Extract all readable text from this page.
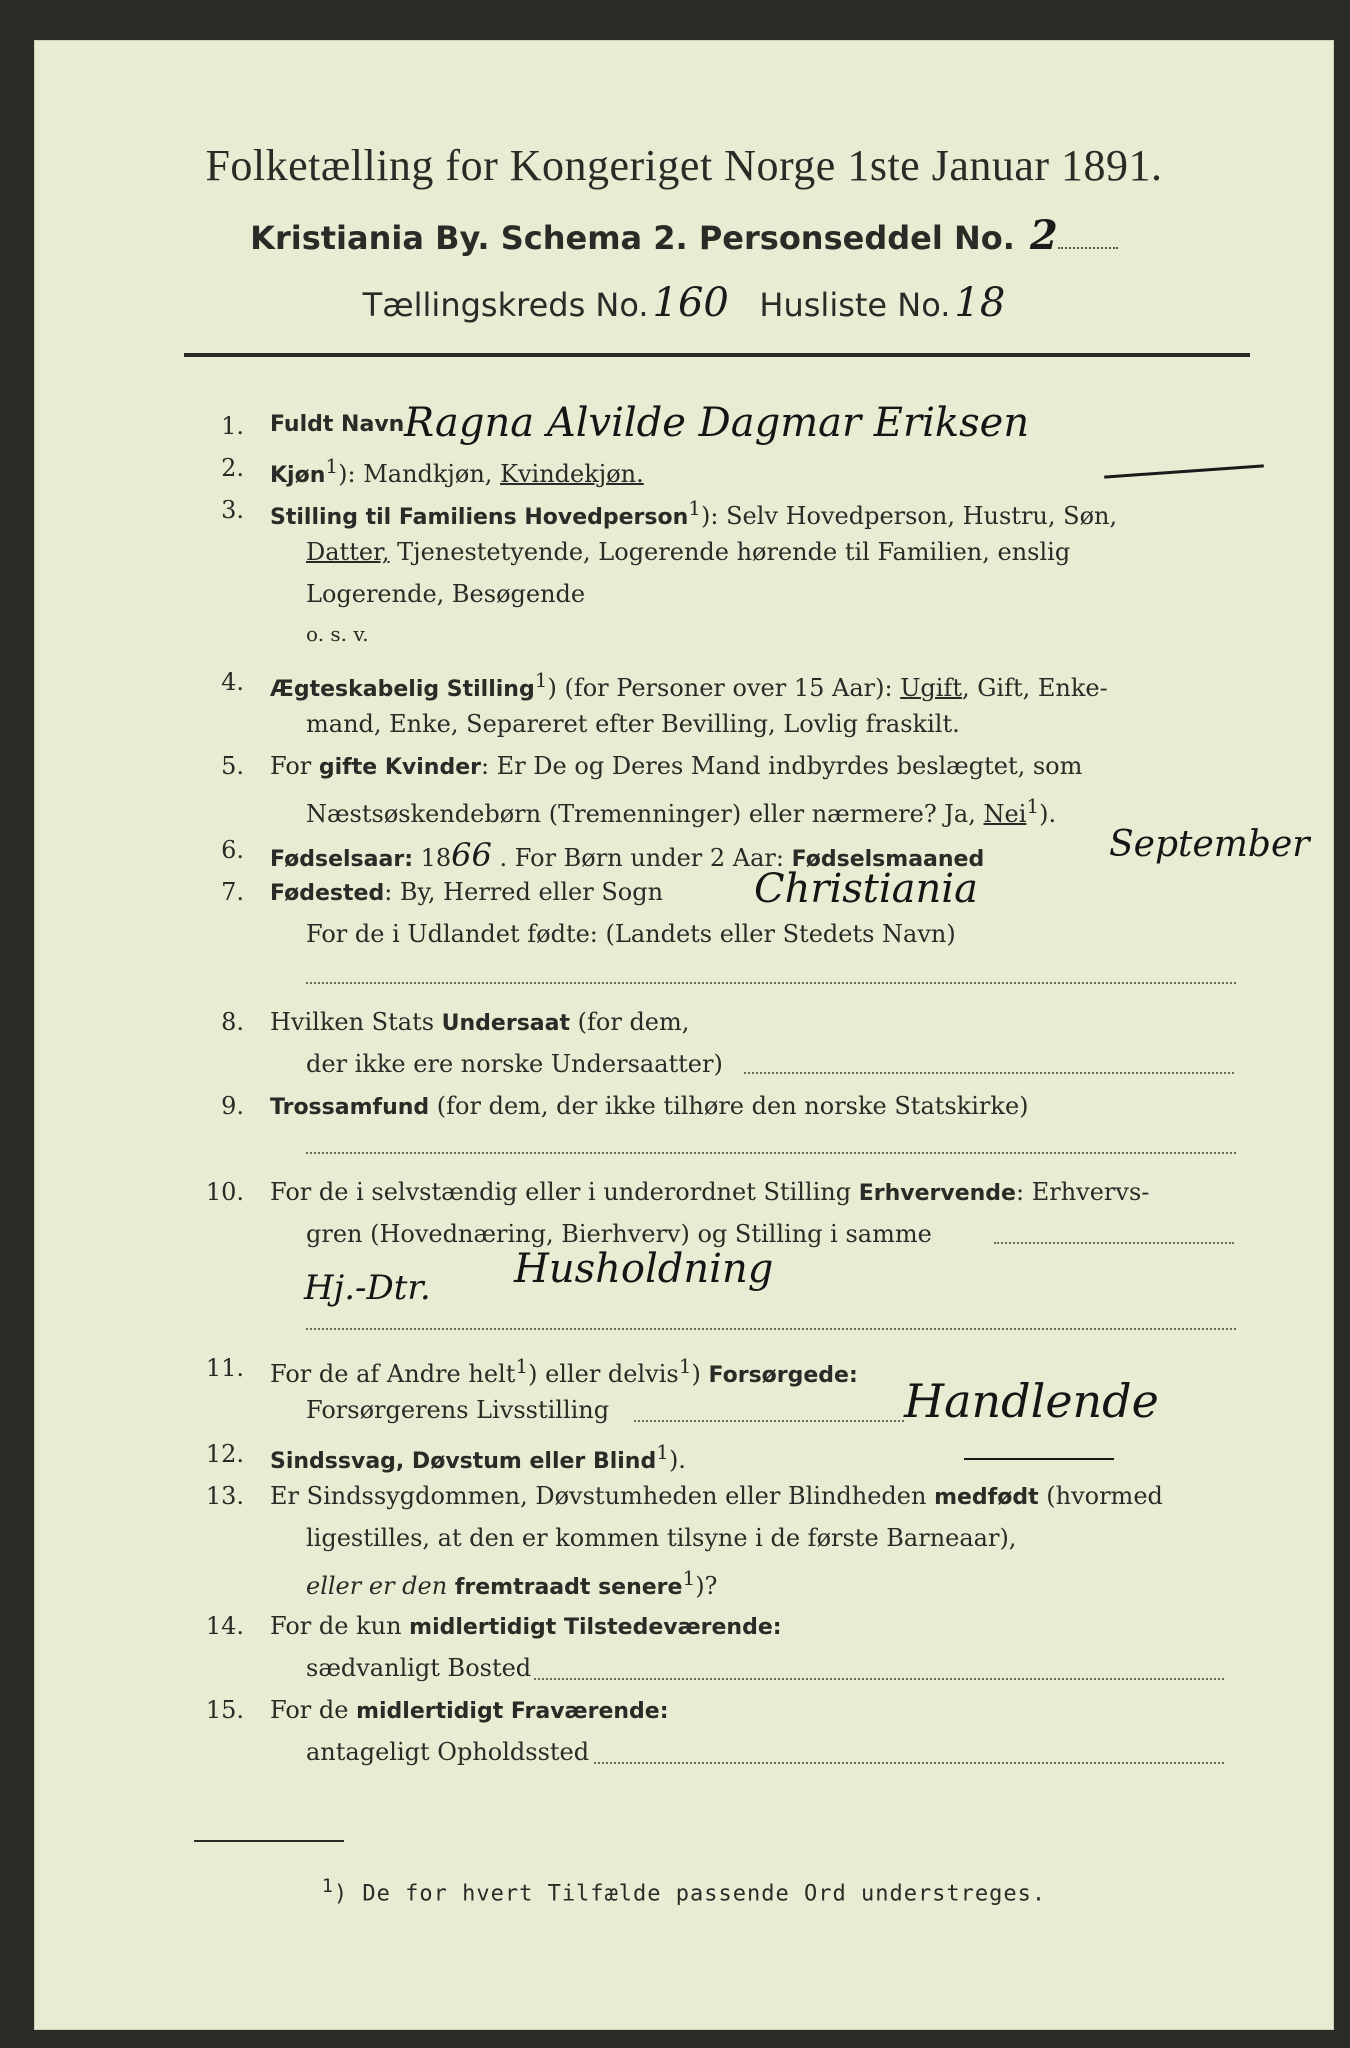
Folketælling for Kongeriget Norge 1ste Januar 1891.
Kristiania By. Schema 2. Personseddel No. 2
Tællingskreds No. 160 Husliste No. 18
1. Fuldt Navn Ragna Alvilde Dagmar Eriksen
2. Kjøn$^1$): Mandkjøn, Kvindekjøn.
3. Stilling til Familiens Hovedperson$^1$): Selv Hovedperson, Hustru, Søn,
Datter, Tjenestetyende, Logerende hørende til Familien, enslig
Logerende, Besøgende
o. s. v.
4. Ægteskabelig Stilling$^1$) (for Personer over 15 Aar): Ugift, Gift, Enke-
mand, Enke, Separeret efter Bevilling, Lovlig fraskilt.
5. For gifte Kvinder: Er De og Deres Mand indbyrdes beslægtet, som
Næstsøskendebørn (Tremenninger) eller nærmere? Ja, Nei$^1$).
6. Fødselsaar: 1866 . For Børn under 2 Aar: Fødselsmaaned	September
7. Fødested: By, Herred eller Sogn Christiania
For de i Udlandet fødte: (Landets eller Stedets Navn)
8. Hvilken Stats Undersaat (for dem,
der ikke ere norske Undersaatter)
9. Trossamfund (for dem, der ikke tilhøre den norske Statskirke)
10. For de i selvstændig eller i underordnet Stilling Erhvervende: Erhvervs-
gren (Hovednæring, Bierhverv) og Stilling i samme
Hj.-Dtr. Husholdning
11. For de af Andre helt$^1$) eller delvis$^1$) Forsørgede:
Forsørgerens Livsstilling	Handlende
12. Sindssvag, Døvstum eller Blind$^1$).
13. Er Sindssygdommen, Døvstumheden eller Blindheden medfødt (hvormed
ligestilles, at den er kommen tilsyne i de første Barneaar),
eller er den fremtraadt senere$^1$)?
14. For de kun midlertidigt Tilstedeværende:
sædvanligt Bosted
15. For de midlertidigt Fraværende:
antageligt Opholdssted
$^1$) De for hvert Tilfælde passende Ord understreges.
